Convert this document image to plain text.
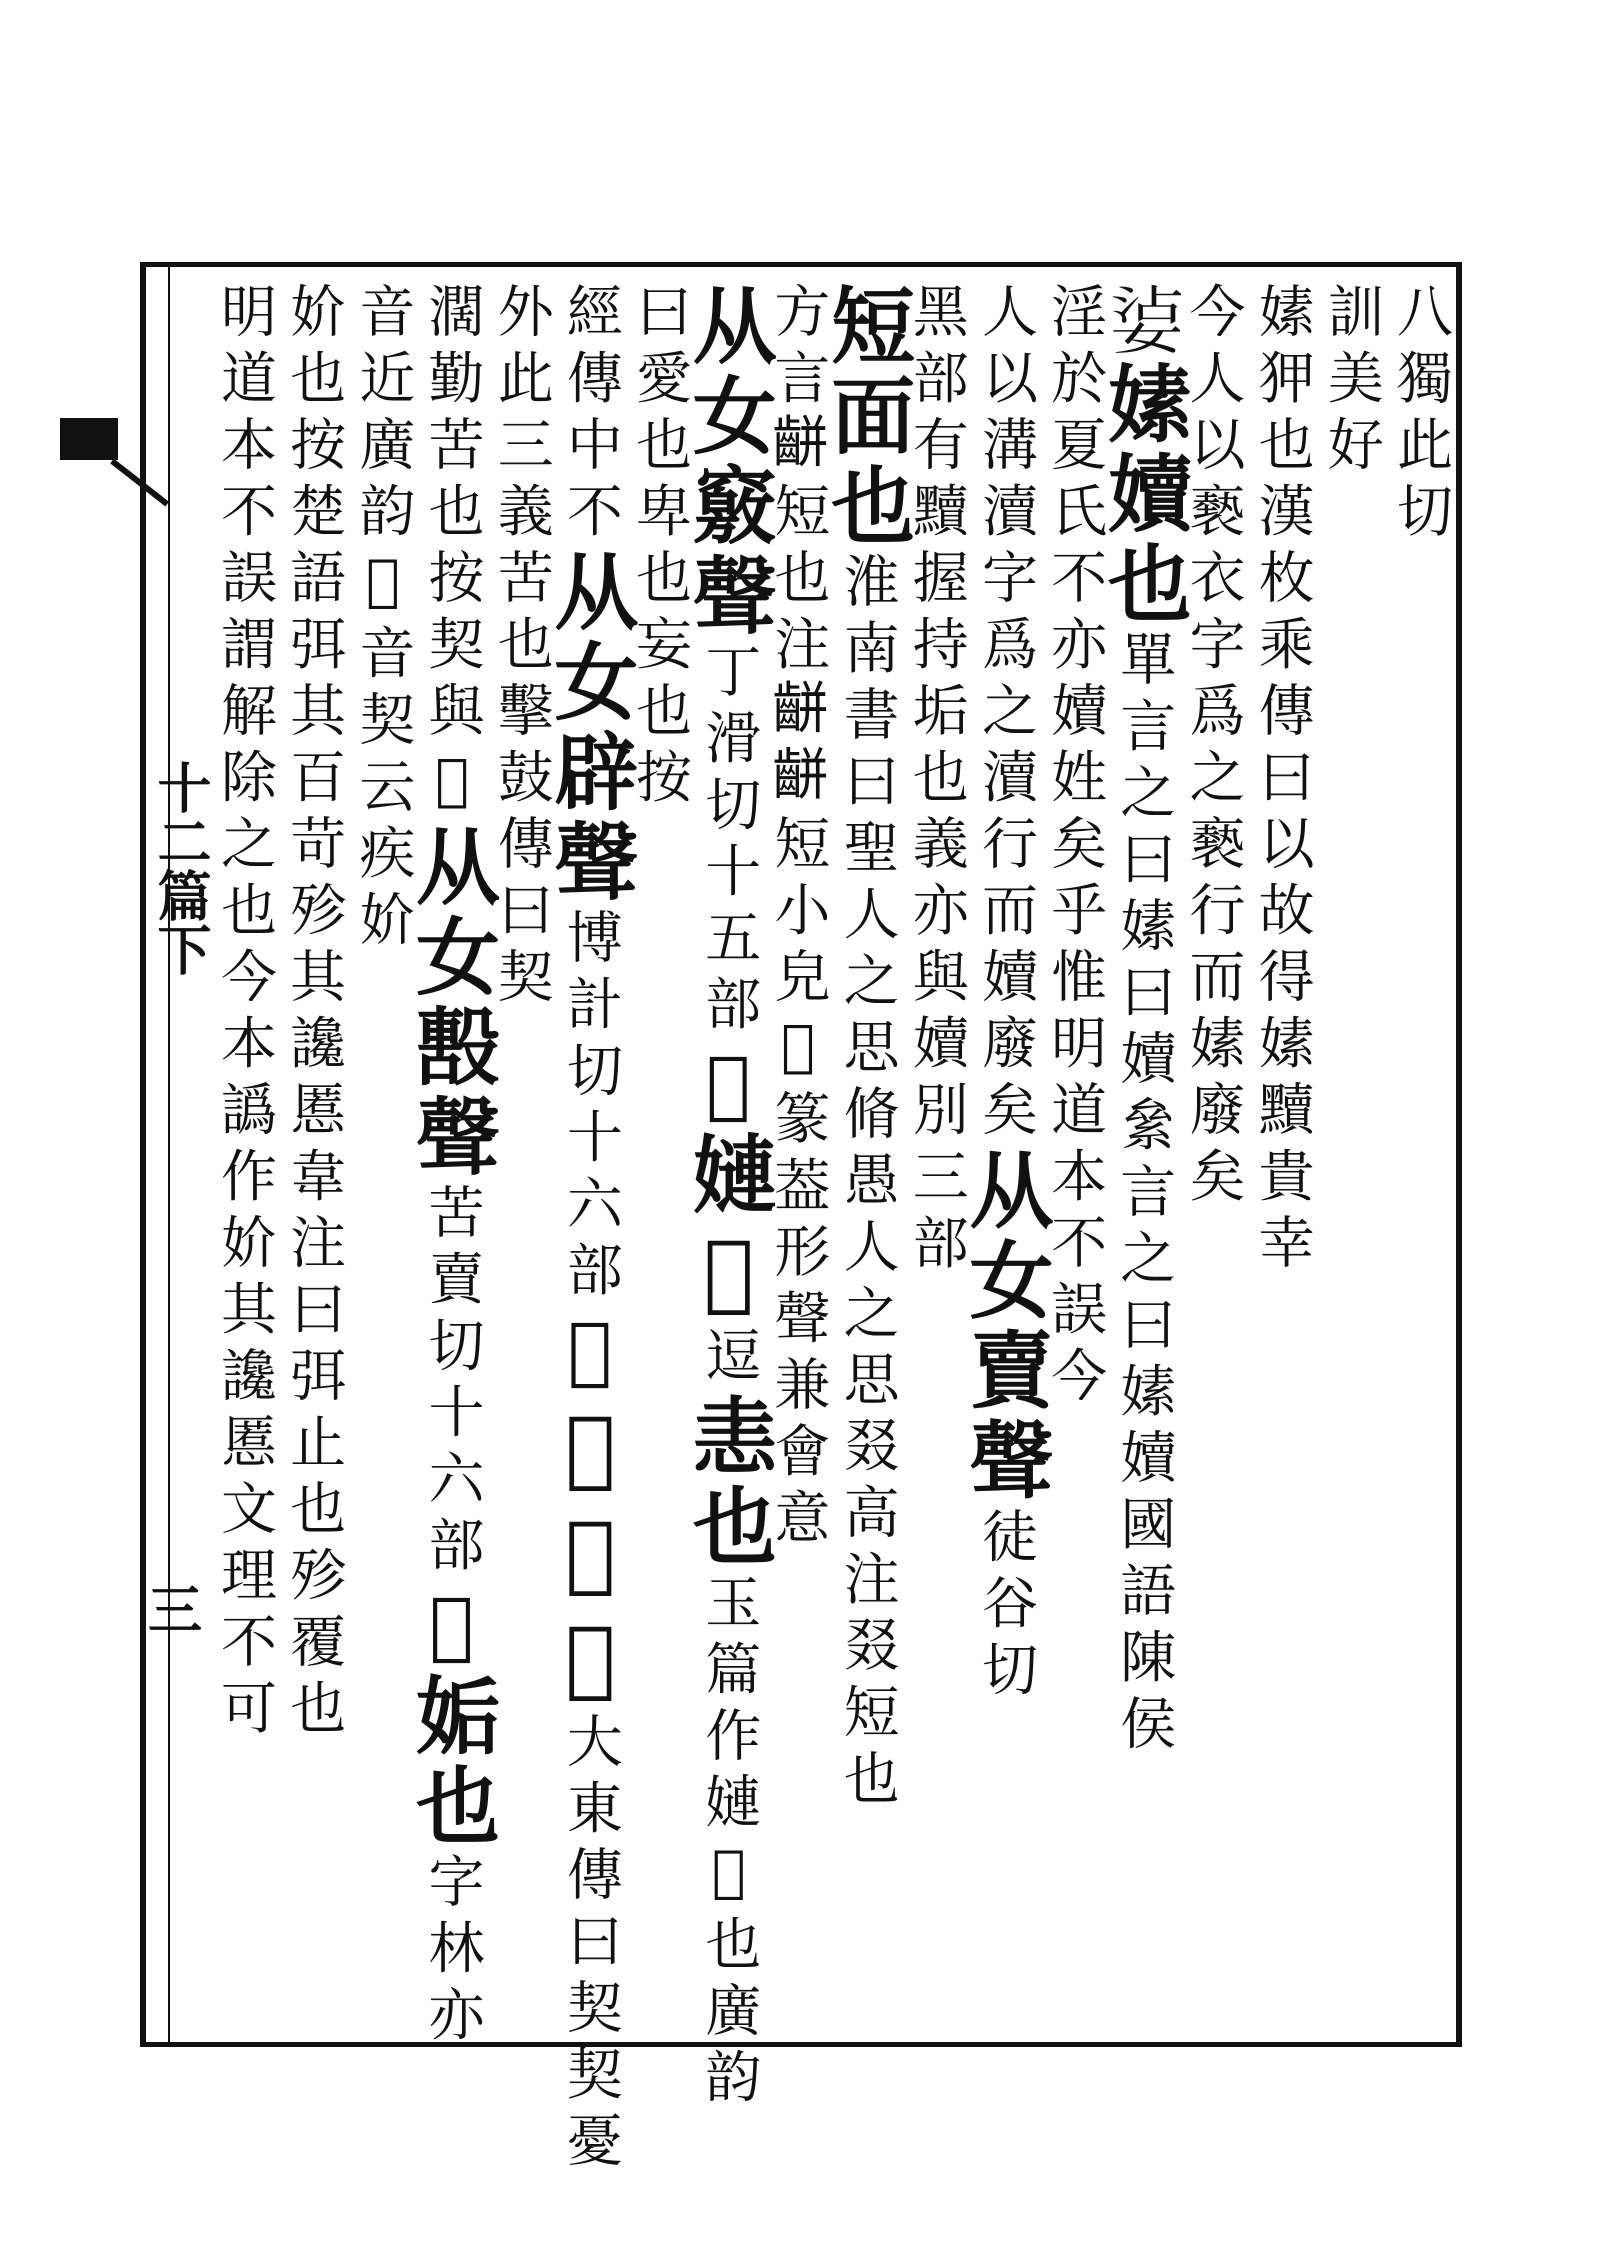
十二篇下
三
八獨此切
訓美好
嫊狎也漢枚乘傳曰以故得嫊黷貴幸
今人以褻衣字爲之褻行而嫊廢矣
𡝫嫊嬻也單言之曰嫊曰嬻絫言之曰嫊嬻國語陳侯
淫於夏氏不亦嬻姓矣乎惟明道本不誤今
人以溝瀆字爲之瀆行而嬻廢矣从女賣聲徒谷切
黑部有黷握持垢也義亦與嬻別三部
短面也淮南書曰聖人之思脩愚人之思叕高注叕短也
方言𪘀短也注𪘀𪘀短小皃𡡟篆葢形聲兼會意
从女竅聲丁滑切十五部𡡟㜕𡡟逗恚也玉篇作㜕𡡟也廣韵
曰愛也卑也妄也按
經傳中不从女辟聲博計切十六部𡡟𡡟難也大東傳曰契契憂
外此三義苦也擊鼓傳曰契
濶勤苦也按契與𡡟从女毄聲苦賣切十六部𡛥姤也字林亦
音近廣韵𡡟音契云疾妎
妎也按楚語弭其百苛殄其讒慝韋注曰弭止也殄覆也
明道本不誤謂解除之也今本譌作妎其讒慝文理不可
